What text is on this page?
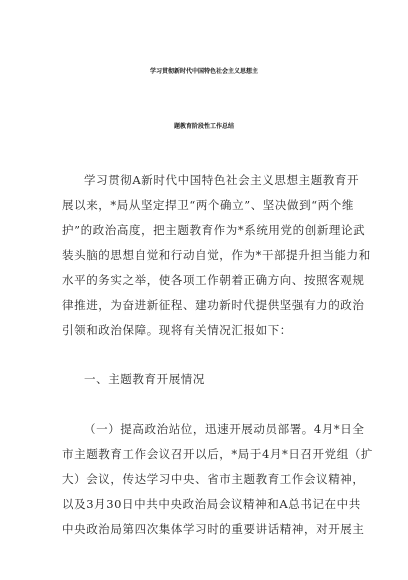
学习贯彻新时代中国特色社会主义思想主
题教育阶段性工作总结
学习贯彻A新时代中国特色社会主义思想主题教育开
展以来，*局从坚定捍卫“两个确立”、坚决做到“两个维
护”的政治高度，把主题教育作为*系统用党的创新理论武
装头脑的思想自觉和行动自觉，作为*干部提升担当能力和
水平的务实之举，使各项工作朝着正确方向、按照客观规
律推进，为奋进新征程、建功新时代提供坚强有力的政治
引领和政治保障。现将有关情况汇报如下：
一、主题教育开展情况
（一）提高政治站位，迅速开展动员部署。4月*日全
市主题教育工作会议召开以后，*局于4月*日召开党组（扩
大）会议，传达学习中央、省市主题教育工作会议精神，
以及3月30日中共中央政治局会议精神和A总书记在中共
中央政治局第四次集体学习时的重要讲话精神，对开展主
